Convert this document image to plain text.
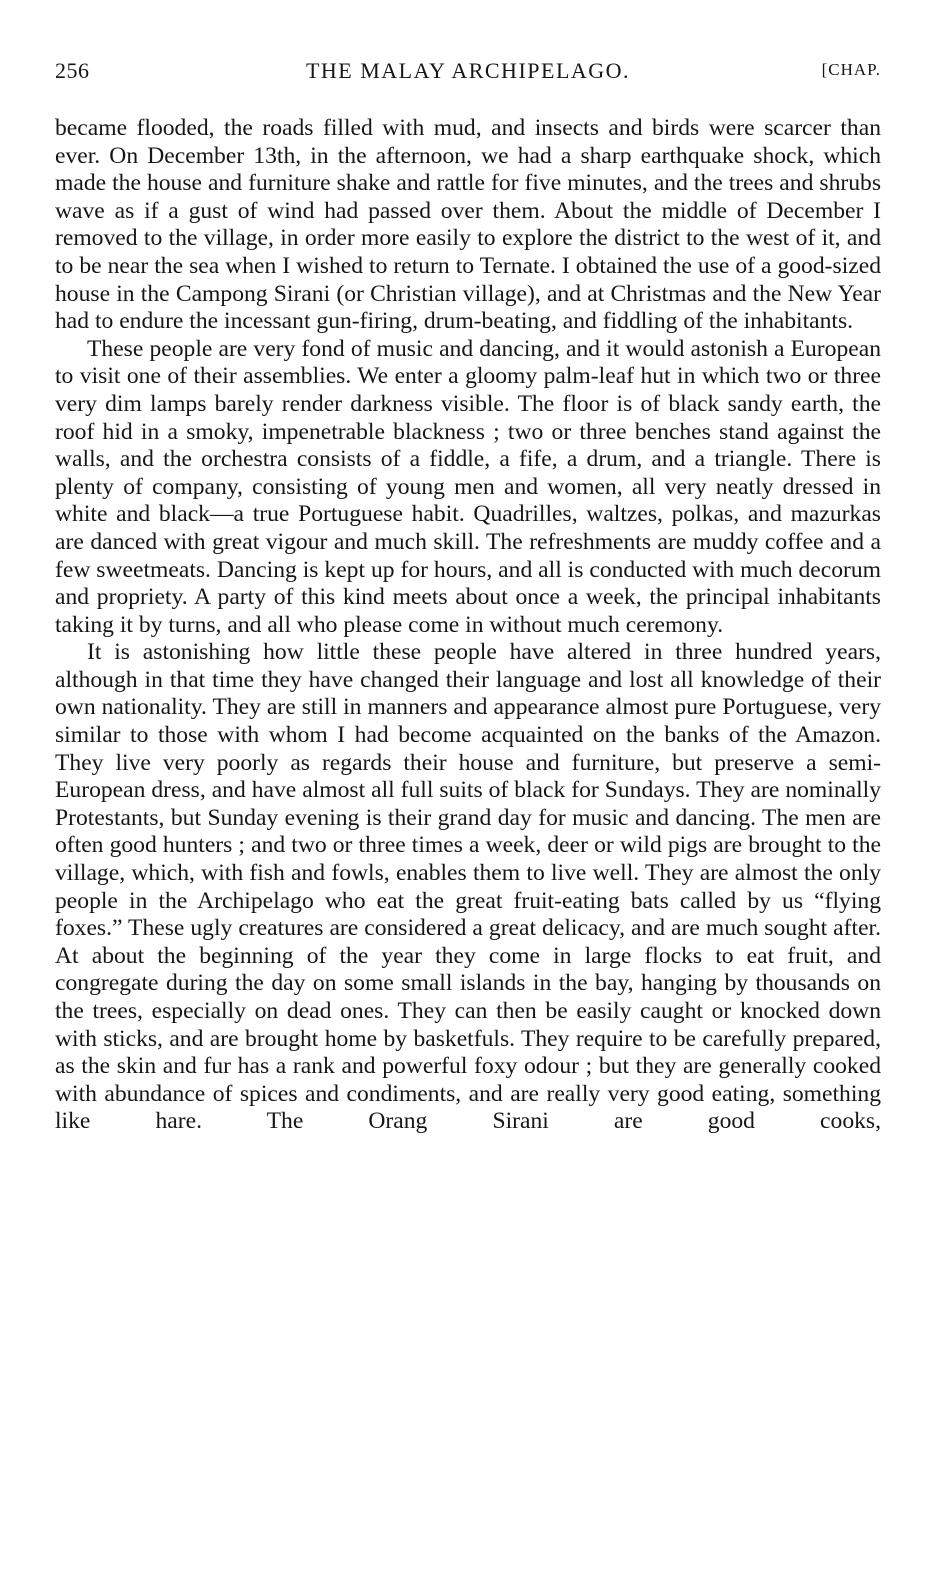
256	THE MALAY ARCHIPELAGO.	[CHAP.

became flooded, the roads filled with mud, and insects and birds were scarcer than ever. On December 13th, in the afternoon, we had a sharp earthquake shock, which made the house and furniture shake and rattle for five minutes, and the trees and shrubs wave as if a gust of wind had passed over them. About the middle of December I removed to the village, in order more easily to explore the district to the west of it, and to be near the sea when I wished to return to Ternate. I obtained the use of a good-sized house in the Campong Sirani (or Christian village), and at Christmas and the New Year had to endure the incessant gun-firing, drum-beating, and fiddling of the inhabitants.

These people are very fond of music and dancing, and it would astonish a European to visit one of their assemblies. We enter a gloomy palm-leaf hut in which two or three very dim lamps barely render darkness visible. The floor is of black sandy earth, the roof hid in a smoky, impenetrable blackness ; two or three benches stand against the walls, and the orchestra consists of a fiddle, a fife, a drum, and a triangle. There is plenty of company, consisting of young men and women, all very neatly dressed in white and black—a true Portuguese habit. Quadrilles, waltzes, polkas, and mazurkas are danced with great vigour and much skill. The refreshments are muddy coffee and a few sweetmeats. Dancing is kept up for hours, and all is conducted with much decorum and propriety. A party of this kind meets about once a week, the principal inhabitants taking it by turns, and all who please come in without much ceremony.

It is astonishing how little these people have altered in three hundred years, although in that time they have changed their language and lost all knowledge of their own nationality. They are still in manners and appearance almost pure Portuguese, very similar to those with whom I had become acquainted on the banks of the Amazon. They live very poorly as regards their house and furniture, but preserve a semi-European dress, and have almost all full suits of black for Sundays. They are nominally Protestants, but Sunday evening is their grand day for music and dancing. The men are often good hunters ; and two or three times a week, deer or wild pigs are brought to the village, which, with fish and fowls, enables them to live well. They are almost the only people in the Archipelago who eat the great fruit-eating bats called by us “flying foxes.” These ugly creatures are considered a great delicacy, and are much sought after. At about the beginning of the year they come in large flocks to eat fruit, and congregate during the day on some small islands in the bay, hanging by thousands on the trees, especially on dead ones. They can then be easily caught or knocked down with sticks, and are brought home by basketfuls. They require to be carefully prepared, as the skin and fur has a rank and powerful foxy odour ; but they are generally cooked with abundance of spices and condiments, and are really very good eating, something like hare. The Orang Sirani are good cooks,
